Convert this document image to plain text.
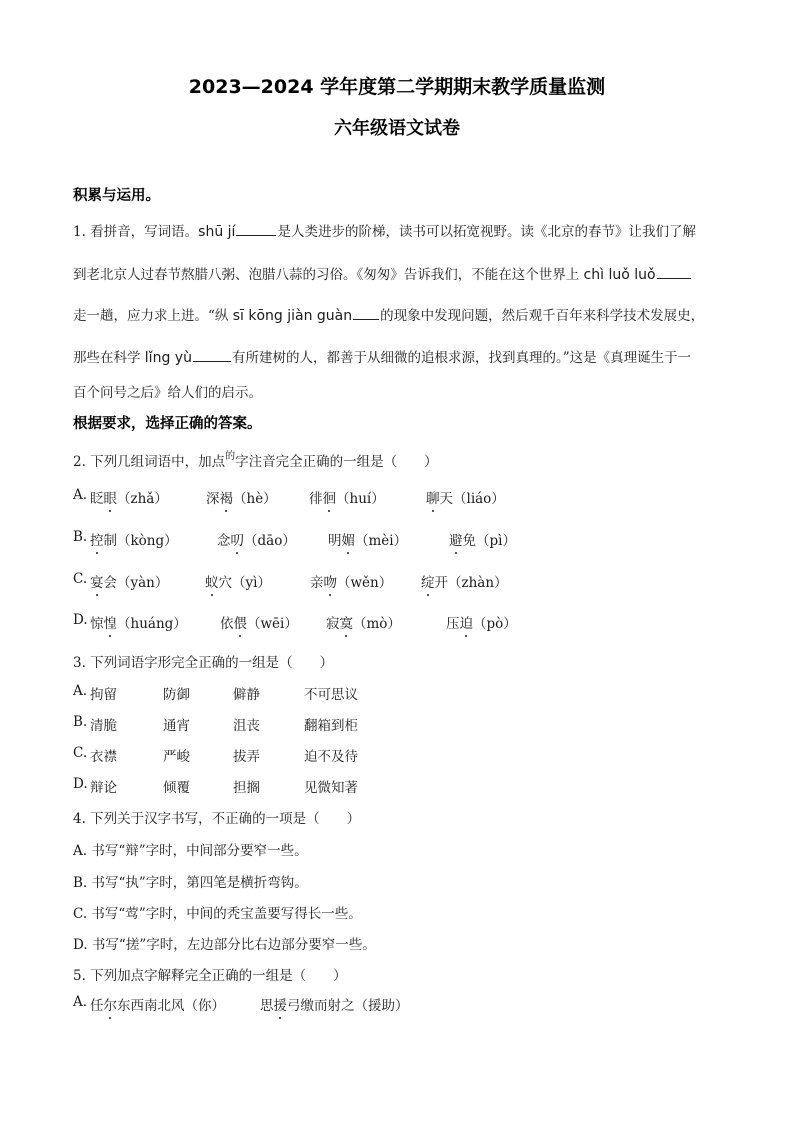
2023—2024 学年度第二学期期末教学质量监测
六年级语文试卷
积累与运用。
1. 看拼音，写词语。shū jí	是人类进步的阶梯，读书可以拓宽视野。读《北京的春节》让我们了解
到老北京人过春节熬腊八粥、泡腊八蒜的习俗。《匆匆》告诉我们，不能在这个世界上 chì luǒ luǒ
走一趟，应力求上进。“纵 sī kōng jiàn guàn 的现象中发现问题，然后观千百年来科学技术发展史，
那些在科学 lǐng yù	有所建树的人，都善于从细微的追根求源，找到真理的。”这是《真理诞生于一
百个问号之后》给人们的启示。
根据要求，选择正确的答案。
2. 下列几组词语中，加点$^的$字注音完全正确的一组是（　　）
A. 眨眼（zhǎ）	深褐（hè） 徘徊（huí）	聊天（liáo）
B. 控制（kòng）	念叨（dāo） 明媚（mèi）	避免（pì）
C. 宴会（yàn）	蚁穴（yì）	亲吻（wěn） 绽开（zhàn）
D. 惊惶（huáng） 依偎（wēi） 寂寞（mò）	压迫（pò）
3. 下列词语字形完全正确的一组是（　　）
A. 拘留	防御	僻静	不可思议
B. 清脆	通宵	沮丧	翻箱到柜
C. 衣襟	严峻	拔弄	迫不及待
D. 辩论	倾覆	担搁	见微知著
4. 下列关于汉字书写，不正确的一项是（　　）
A. 书写“辩”字时，中间部分要窄一些。
B. 书写“执”字时，第四笔是横折弯钩。
C. 书写“莺”字时，中间的秃宝盖要写得长一些。
D. 书写“搓”字时，左边部分比右边部分要窄一些。
5. 下列加点字解释完全正确的一组是（　　）
A. 任尔东西南北风（你）	思援弓缴而射之（援助）
